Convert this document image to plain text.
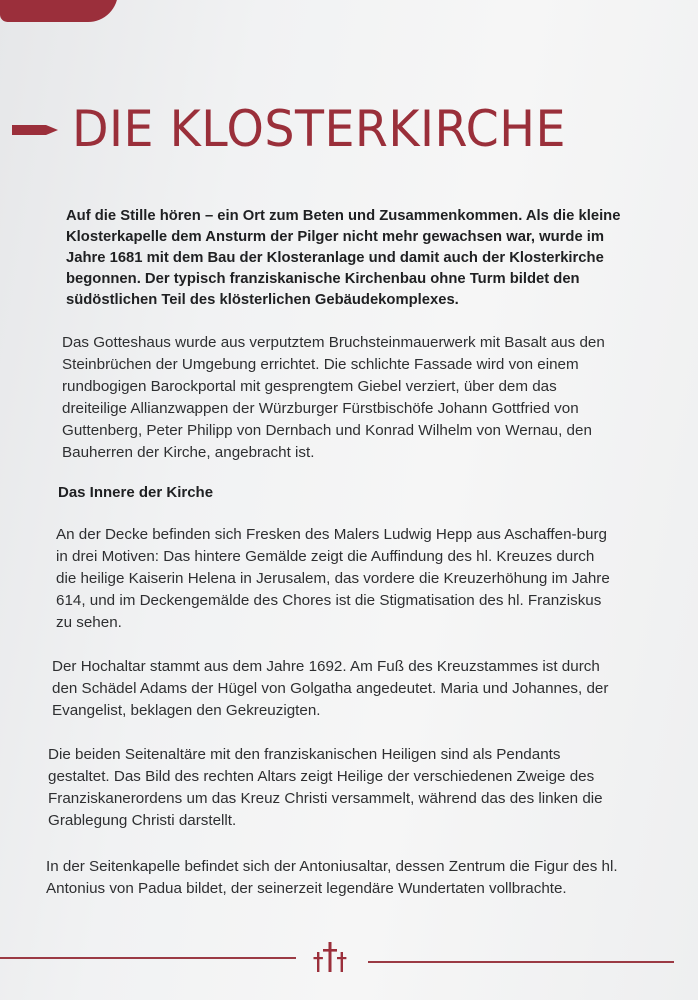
DIE KLOSTERKIRCHE

Auf die Stille hören – ein Ort zum Beten und Zusammenkommen. Als die kleine Klosterkapelle dem Ansturm der Pilger nicht mehr gewachsen war, wurde im Jahre 1681 mit dem Bau der Klosteranlage und damit auch der Klosterkirche begonnen. Der typisch franziskanische Kirchenbau ohne Turm bildet den südöstlichen Teil des klösterlichen Gebäudekomplexes.

Das Gotteshaus wurde aus verputztem Bruchsteinmauerwerk mit Basalt aus den Steinbrüchen der Umgebung errichtet. Die schlichte Fassade wird von einem rundbogigen Barockportal mit gesprengtem Giebel verziert, über dem das dreiteilige Allianzwappen der Würzburger Fürstbischöfe Johann Gottfried von Guttenberg, Peter Philipp von Dernbach und Konrad Wilhelm von Wernau, den Bauherren der Kirche, angebracht ist.

Das Innere der Kirche

An der Decke befinden sich Fresken des Malers Ludwig Hepp aus Aschaffen-burg in drei Motiven: Das hintere Gemälde zeigt die Auffindung des hl. Kreuzes durch die heilige Kaiserin Helena in Jerusalem, das vordere die Kreuzerhöhung im Jahre 614, und im Deckengemälde des Chores ist die Stigmatisation des hl. Franziskus zu sehen.

Der Hochaltar stammt aus dem Jahre 1692. Am Fuß des Kreuzstammes ist durch den Schädel Adams der Hügel von Golgatha angedeutet. Maria und Johannes, der Evangelist, beklagen den Gekreuzigten.

Die beiden Seitenaltäre mit den franziskanischen Heiligen sind als Pendants gestaltet. Das Bild des rechten Altars zeigt Heilige der verschiedenen Zweige des Franziskanerordens um das Kreuz Christi versammelt, während das des linken die Grablegung Christi darstellt.

In der Seitenkapelle befindet sich der Antoniusaltar, dessen Zentrum die Figur des hl. Antonius von Padua bildet, der seinerzeit legendäre Wundertaten vollbrachte.
